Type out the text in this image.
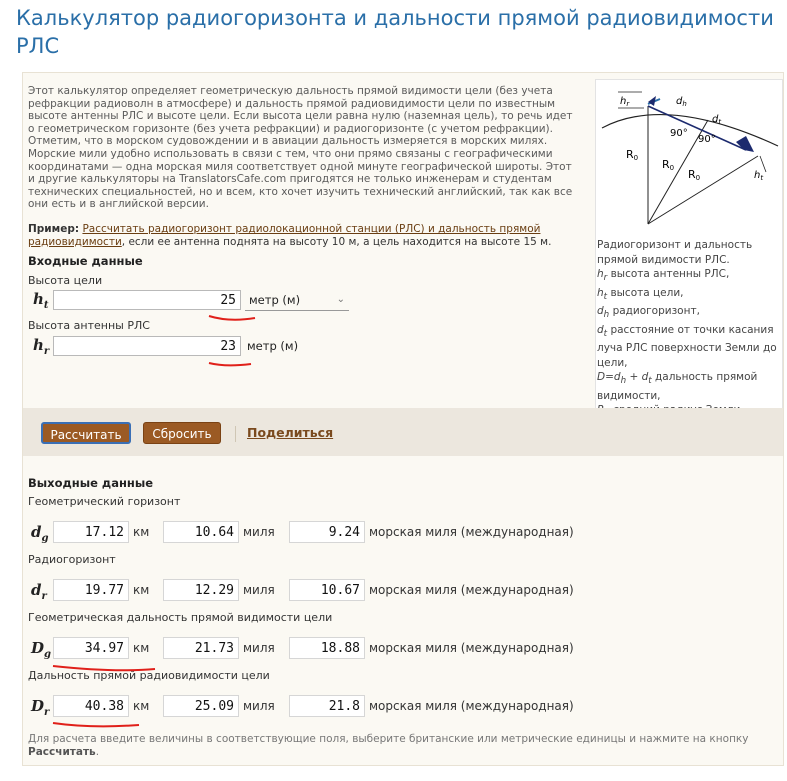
Калькулятор радиогоризонта и дальности прямой радиовидимости РЛС
Этот калькулятор определяет геометрическую дальность прямой видимости цели (без учета рефракции радиоволн в атмосфере) и дальность прямой радиовидимости цели по известным высоте антенны РЛС и высоте цели. Если высота цели равна нулю (наземная цель), то речь идет о геометрическом горизонте (без учета рефракции) и радиогоризонте (с учетом рефракции). Отметим, что в морском судовождении и в авиации дальность измеряется в морских милях. Морские мили удобно использовать в связи с тем, что они прямо связаны с географическими координатами — одна морская миля соответствует одной минуте географической широты. Этот и другие калькуляторы на TranslatorsCafe.com пригодятся не только инженерам и студентам технических специальностей, но и всем, кто хочет изучить технический английский, так как все они есть и в английской версии.
Пример: Рассчитать радиогоризонт радиолокационной станции (РЛС) и дальность прямой радиовидимости, если ее антенна поднята на высоту 10 м, а цель находится на высоте 15 м.
Входные данные
Высота цели
$h_t$	25	метр (м)	⌄
Высота антенны РЛС
$h_r$	23 метр (м)
$h_r$	$d_h$
$d_t$
$h_t$
R0 R0 R0
90°
90°
Радиогоризонт и дальность прямой видимости РЛС.
$h_r$ высота антенны РЛС,
$h_t$ высота цели,
$d_h$ радиогоризонт,
$d_t$ расстояние от точки касания луча РЛС поверхности Земли до цели,
$D=d_h + d_t$ дальность прямой видимости,
Рассчитать	Сбросить	Поделиться
Выходные данные
Геометрический горизонт
$d_g$	17.12 км	10.64 миля	9.24 морская миля (международная)
Радиогоризонт
$d_r$	19.77 км	12.29 миля	10.67 морская миля (международная)
Геометрическая дальность прямой видимости цели
$D_g$	34.97 км	21.73 миля	18.88 морская миля (международная)
Дальность прямой радиовидимости цели
$D_r$	40.38 км	25.09 миля	21.8 морская миля (международная)
Для расчета введите величины в соответствующие поля, выберите британские или метрические единицы и нажмите на кнопку Рассчитать.
